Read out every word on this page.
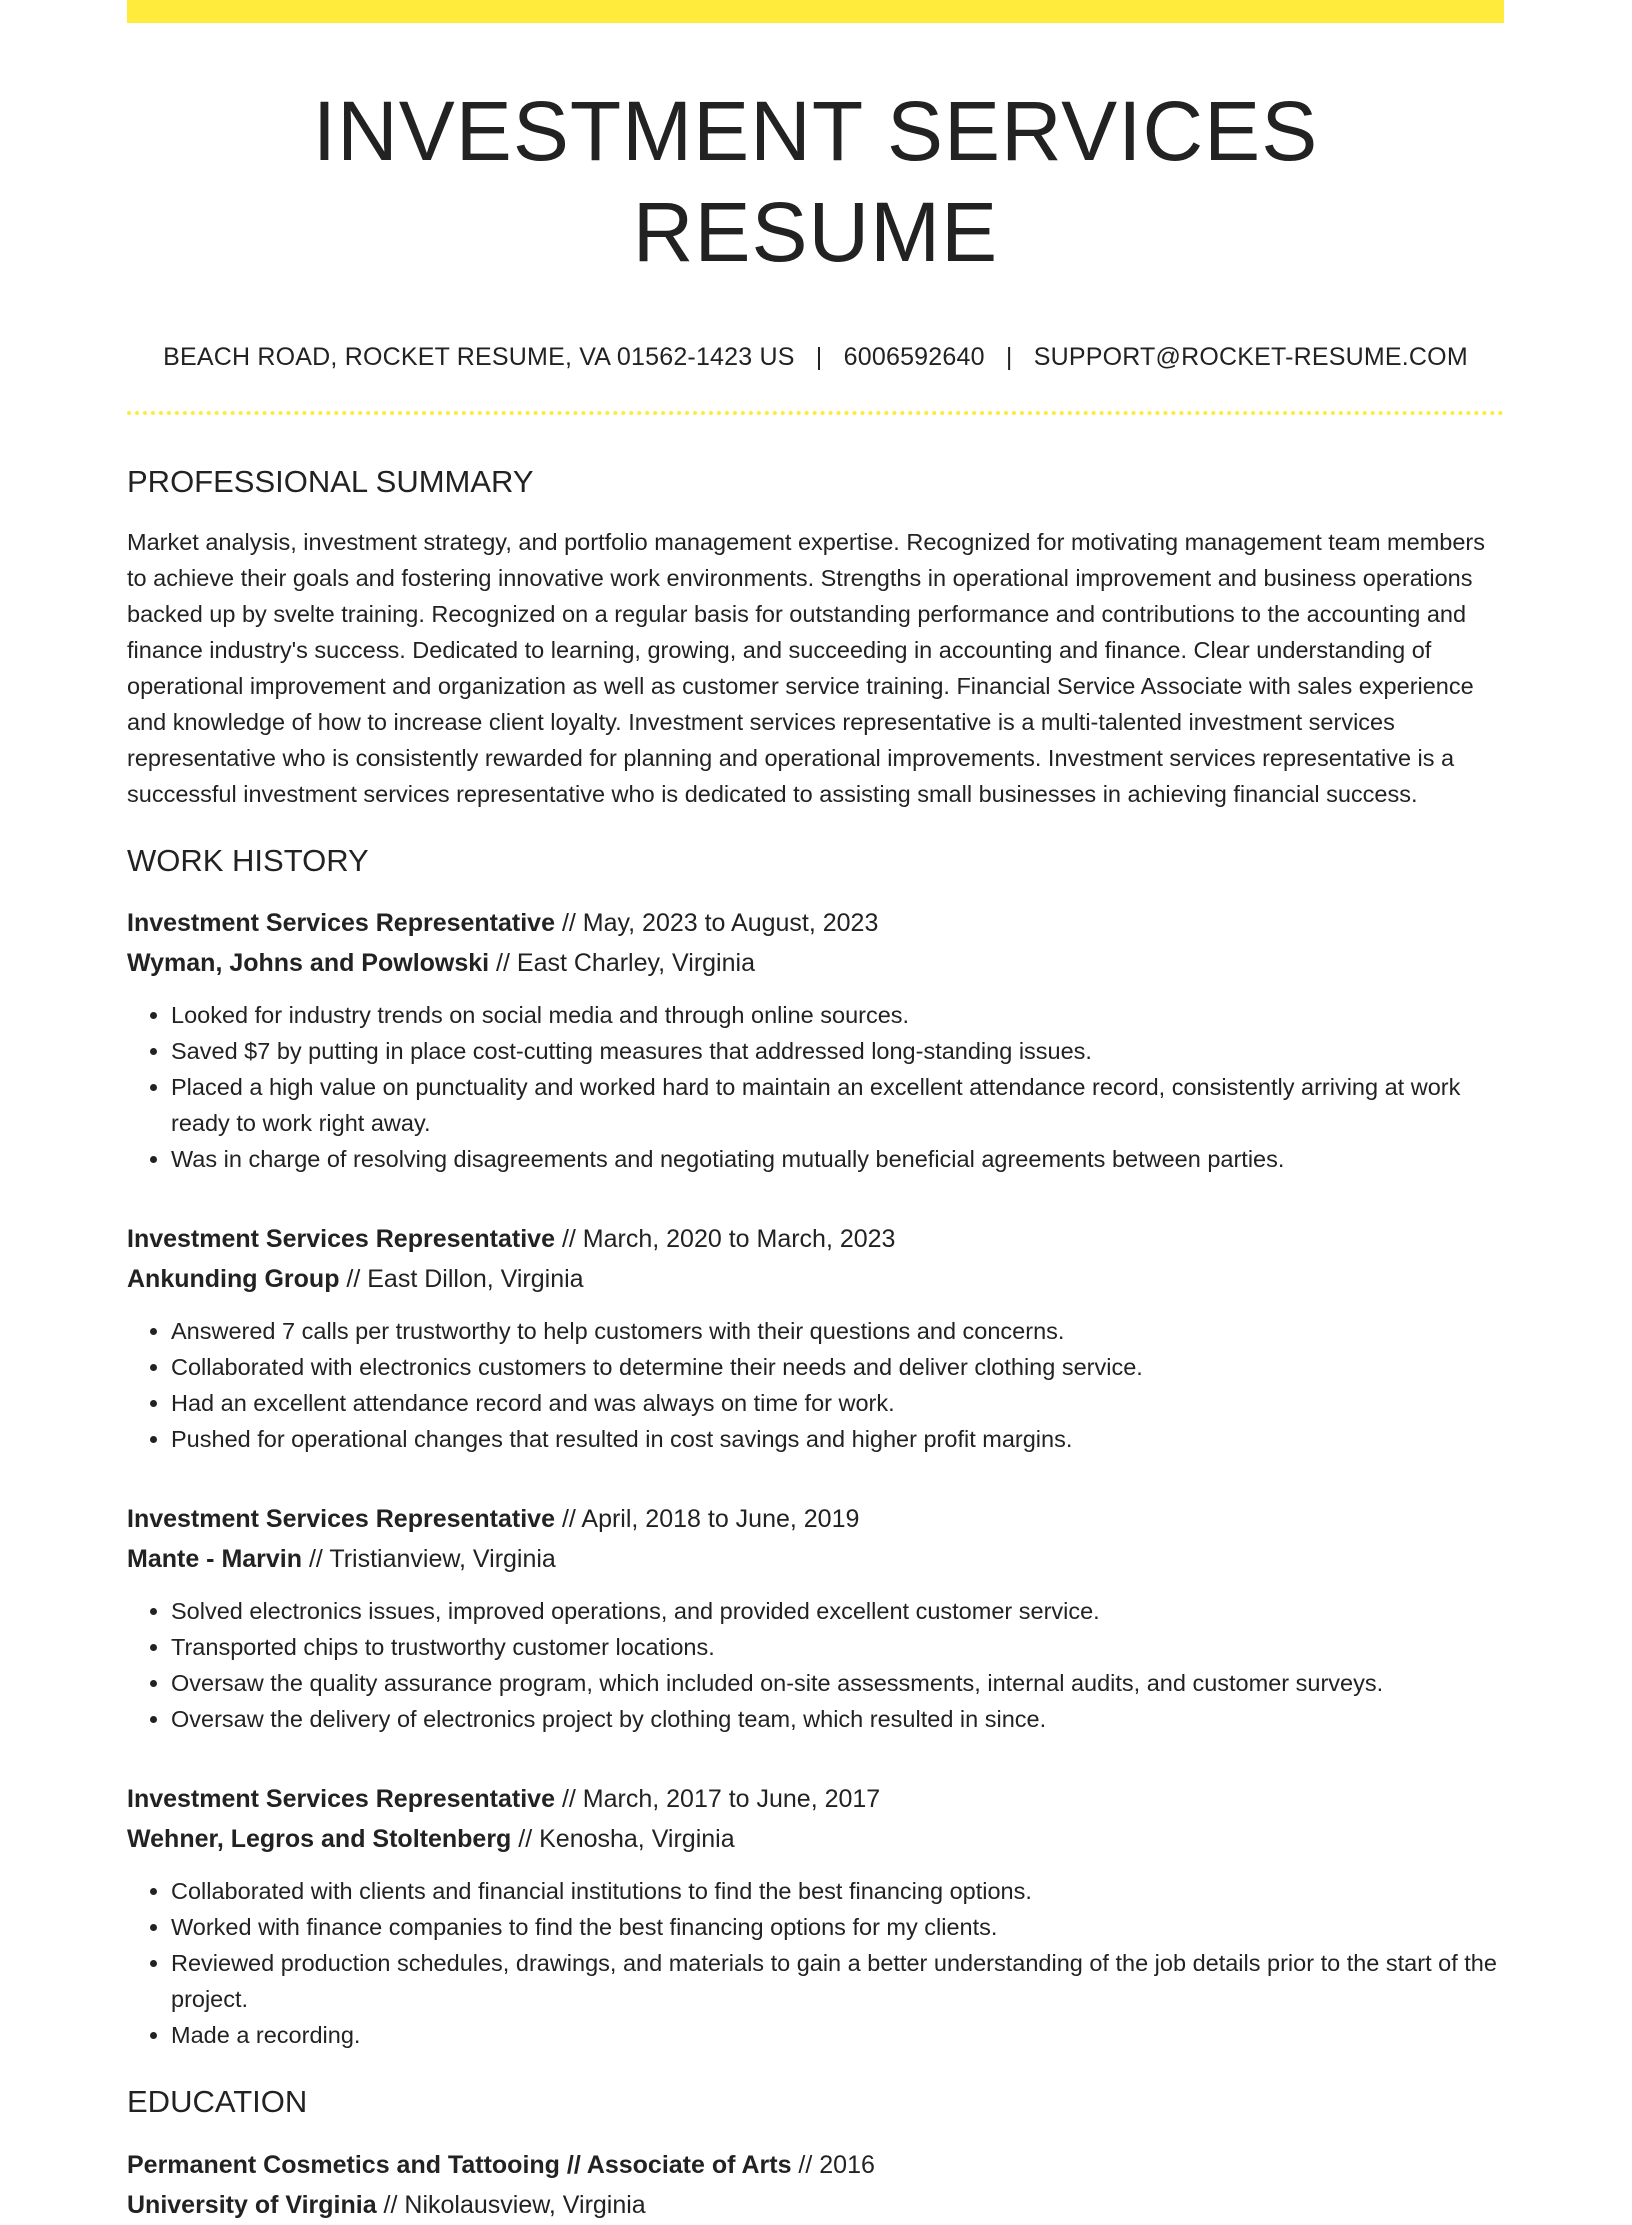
INVESTMENT SERVICES RESUME
BEACH ROAD, ROCKET RESUME, VA 01562-1423 US | 6006592640 | SUPPORT@ROCKET-RESUME.COM
PROFESSIONAL SUMMARY

Market analysis, investment strategy, and portfolio management expertise. Recognized for motivating management team members to achieve their goals and fostering innovative work environments. Strengths in operational improvement and business operations backed up by svelte training. Recognized on a regular basis for outstanding performance and contributions to the accounting and finance industry's success. Dedicated to learning, growing, and succeeding in accounting and finance. Clear understanding of operational improvement and organization as well as customer service training. Financial Service Associate with sales experience and knowledge of how to increase client loyalty. Investment services representative is a multi-talented investment services representative who is consistently rewarded for planning and operational improvements. Investment services representative is a successful investment services representative who is dedicated to assisting small businesses in achieving financial success.

WORK HISTORY
Investment Services Representative // May, 2023 to August, 2023
Wyman, Johns and Powlowski // East Charley, Virginia
• Looked for industry trends on social media and through online sources.
• Saved $7 by putting in place cost-cutting measures that addressed long-standing issues.
• Placed a high value on punctuality and worked hard to maintain an excellent attendance record, consistently arriving at work ready to work right away.
• Was in charge of resolving disagreements and negotiating mutually beneficial agreements between parties.
Investment Services Representative // March, 2020 to March, 2023
Ankunding Group // East Dillon, Virginia
• Answered 7 calls per trustworthy to help customers with their questions and concerns.
• Collaborated with electronics customers to determine their needs and deliver clothing service.
• Had an excellent attendance record and was always on time for work.
• Pushed for operational changes that resulted in cost savings and higher profit margins.
Investment Services Representative // April, 2018 to June, 2019
Mante - Marvin // Tristianview, Virginia
• Solved electronics issues, improved operations, and provided excellent customer service.
• Transported chips to trustworthy customer locations.
• Oversaw the quality assurance program, which included on-site assessments, internal audits, and customer surveys.
• Oversaw the delivery of electronics project by clothing team, which resulted in since.
Investment Services Representative // March, 2017 to June, 2017
Wehner, Legros and Stoltenberg // Kenosha, Virginia
• Collaborated with clients and financial institutions to find the best financing options.
• Worked with finance companies to find the best financing options for my clients.
• Reviewed production schedules, drawings, and materials to gain a better understanding of the job details prior to the start of the project.
• Made a recording.
EDUCATION
Permanent Cosmetics and Tattooing // Associate of Arts // 2016
University of Virginia // Nikolausview, Virginia
